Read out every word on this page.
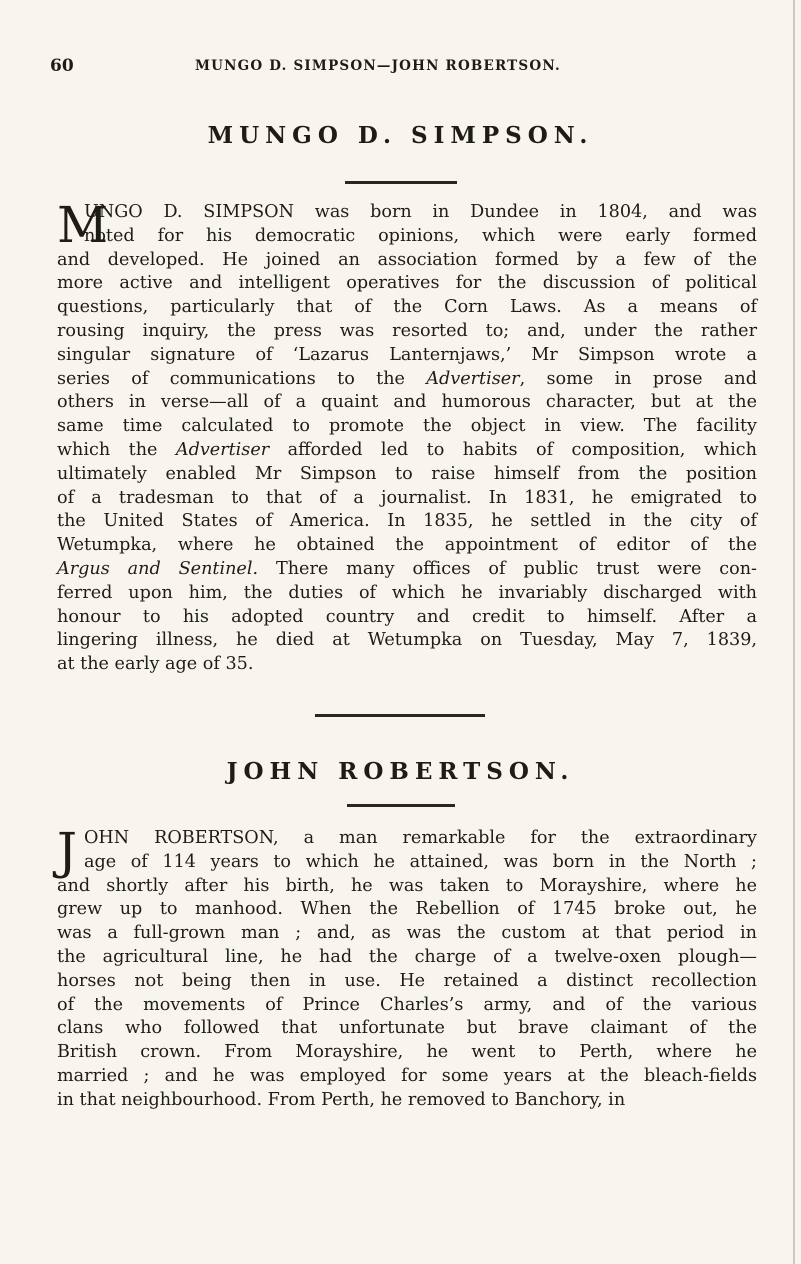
60	MUNGO D. SIMPSON—JOHN ROBERTSON.
MUNGO D. SIMPSON.
M
UNGO D. SIMPSON was born in Dundee in 1804, and was
noted for his democratic opinions, which were early formed
and developed. He joined an association formed by a few of the
more active and intelligent operatives for the discussion of political
questions, particularly that of the Corn Laws. As a means of
rousing inquiry, the press was resorted to; and, under the rather
singular signature of ‘Lazarus Lanternjaws,’ Mr Simpson wrote a
series of communications to the Advertiser, some in prose and
others in verse—all of a quaint and humorous character, but at the
same time calculated to promote the object in view. The facility
which the Advertiser afforded led to habits of composition, which
ultimately enabled Mr Simpson to raise himself from the position
of a tradesman to that of a journalist. In 1831, he emigrated to
the United States of America. In 1835, he settled in the city of
Wetumpka, where he obtained the appointment of editor of the
Argus and Sentinel. There many offices of public trust were con-
ferred upon him, the duties of which he invariably discharged with
honour to his adopted country and credit to himself. After a
lingering illness, he died at Wetumpka on Tuesday, May 7, 1839,
at the early age of 35.
JOHN ROBERTSON.
J OHN ROBERTSON, a man remarkable for the extraordinary
age of 114 years to which he attained, was born in the North ;
and shortly after his birth, he was taken to Morayshire, where he
grew up to manhood. When the Rebellion of 1745 broke out, he
was a full-grown man ; and, as was the custom at that period in
the agricultural line, he had the charge of a twelve-oxen plough—
horses not being then in use. He retained a distinct recollection
of the movements of Prince Charles’s army, and of the various
clans who followed that unfortunate but brave claimant of the
British crown. From Morayshire, he went to Perth, where he
married ; and he was employed for some years at the bleach-fields
in that neighbourhood. From Perth, he removed to Banchory, in
